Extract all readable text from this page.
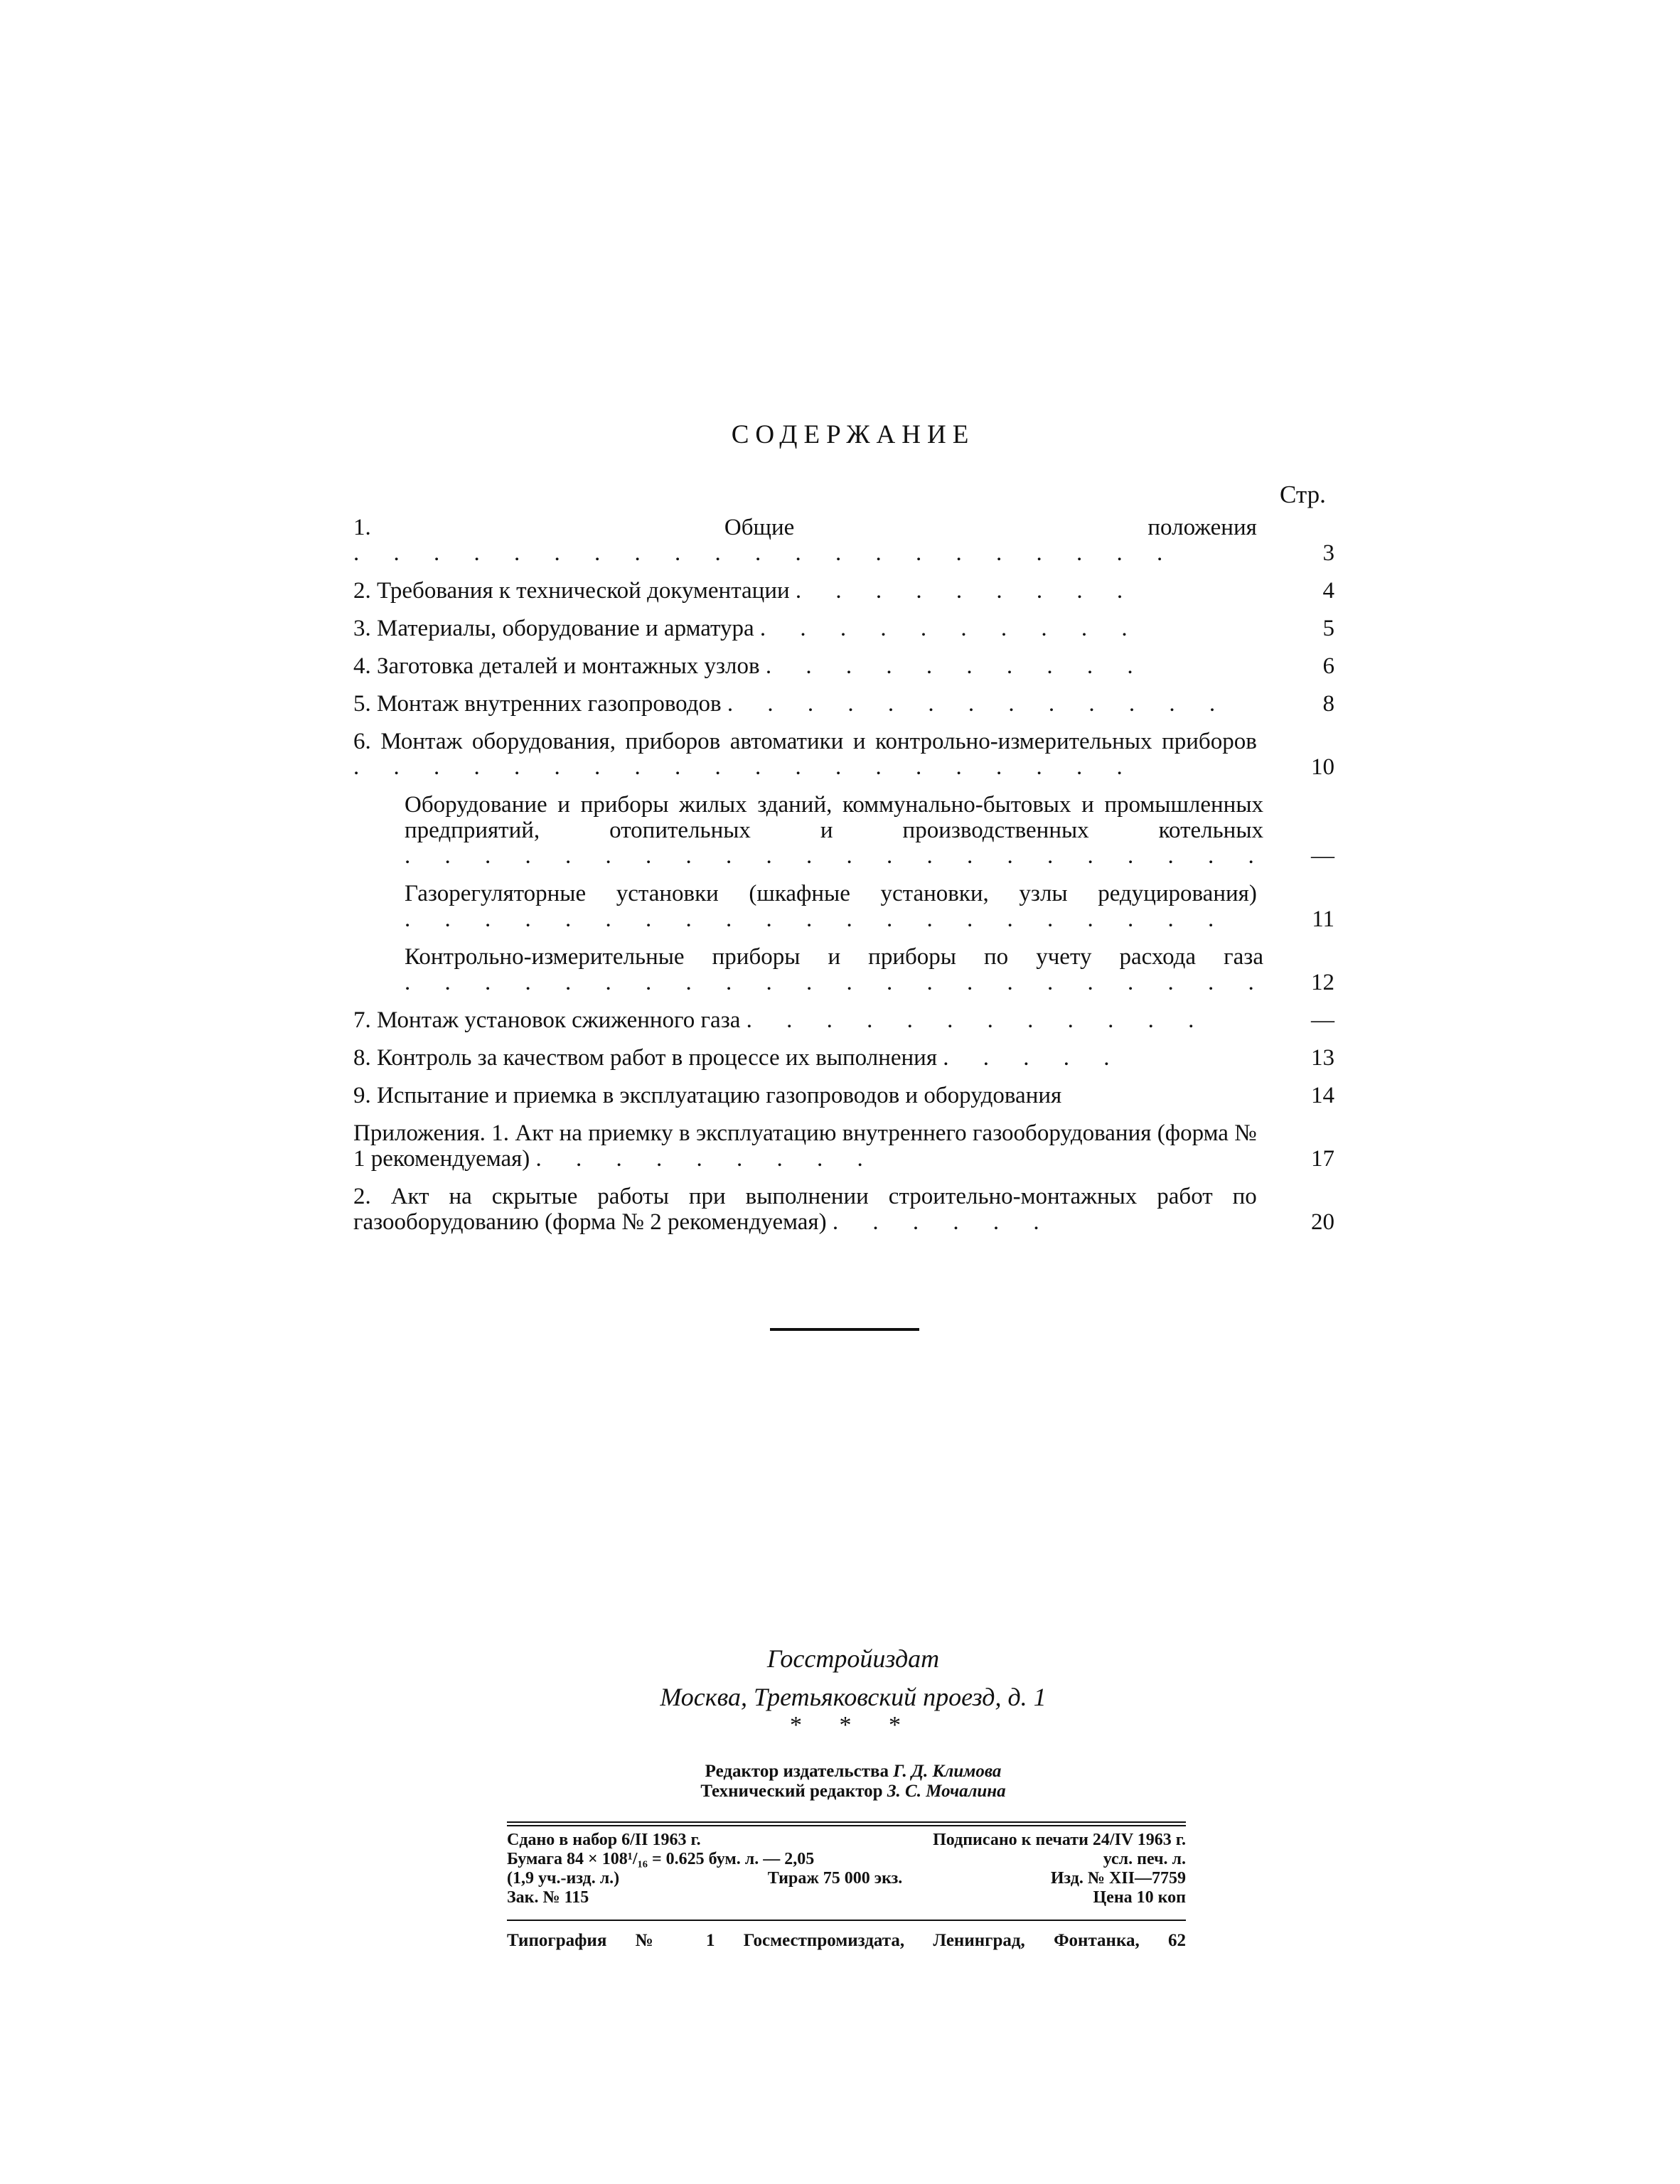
СОДЕРЖАНИЕ
Стр.
1. Общие положения . . . . . . . . . . . . . . . . . . . . .	3
2. Требования к технической документации . . . . . . . . .	4
3. Материалы, оборудование и арматура . . . . . . . . . .	5
4. Заготовка деталей и монтажных узлов . . . . . . . . . .	6
5. Монтаж внутренних газопроводов . . . . . . . . . . . . .	8
6. Монтаж оборудования, приборов автоматики и контрольно-измерительных приборов . . . . . . . . . . . . . . . . . . . .	10
Оборудование и приборы жилых зданий, коммунально-бытовых и промышленных предприятий, отопительных и производственных котельных . . . . . . . . . . . . . . . . . . . . . .	—
Газорегуляторные установки (шкафные установки, узлы редуцирования) . . . . . . . . . . . . . . . . . . . . .	11
Контрольно-измерительные приборы и приборы по учету расхода газа . . . . . . . . . . . . . . . . . . . . . .	12
7. Монтаж установок сжиженного газа . . . . . . . . . . . .	—
8. Контроль за качеством работ в процессе их выполнения . . . . .	13
9. Испытание и приемка в эксплуатацию газопроводов и оборудования	14
Приложения. 1. Акт на приемку в эксплуатацию внутреннего газооборудования (форма № 1 рекомендуемая) . . . . . . . . .	17
2. Акт на скрытые работы при выполнении строительно-монтажных работ по газооборудованию (форма № 2 рекомендуемая) . . . . . .	20
Госстройиздат
Москва, Третьяковский проезд, д. 1
* * *
Редактор издательства Г. Д. Климова
Технический редактор З. С. Мочалина
Сдано в набор 6/II 1963 г.	Подписано к печати 24/IV 1963 г.
Бумага 84 × 108¹/₁₆ = 0.625 бум. л. — 2,05	усл. печ. л.
(1,9 уч.-изд. л.)	Тираж 75 000 экз.	Изд. № XII—7759
Зак. № 115	Цена 10 коп
Типография № 1 Госместпромиздата, Ленинград, Фонтанка, 62
